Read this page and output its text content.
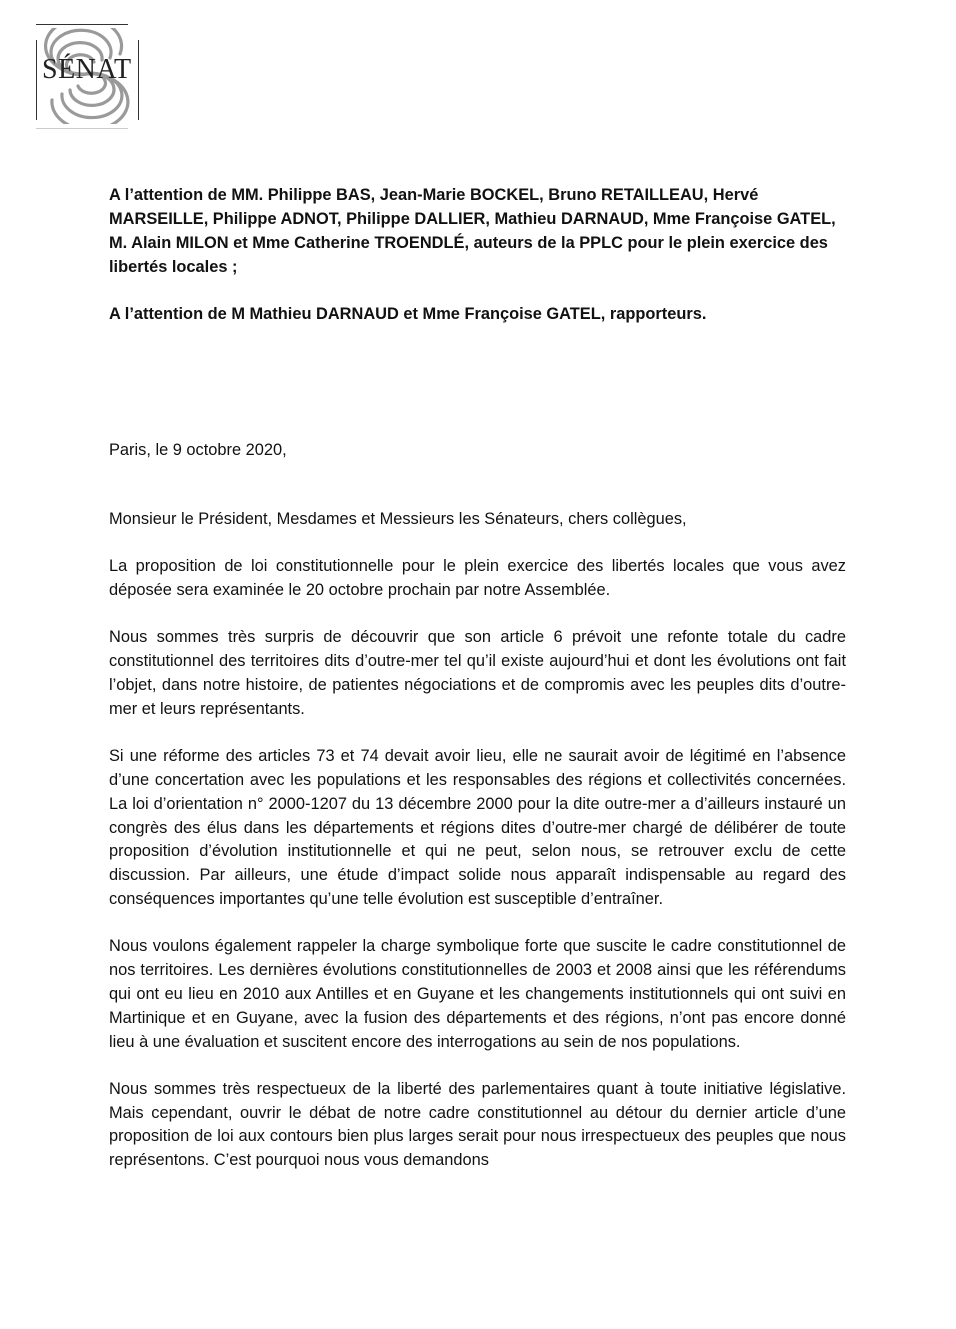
SÉNAT

A l’attention de MM. Philippe BAS, Jean-Marie BOCKEL, Bruno RETAILLEAU, Hervé MARSEILLE, Philippe ADNOT, Philippe DALLIER, Mathieu DARNAUD, Mme Françoise GATEL, M. Alain MILON et Mme Catherine TROENDLÉ, auteurs de la PPLC pour le plein exercice des libertés locales ;

A l’attention de M Mathieu DARNAUD et Mme Françoise GATEL, rapporteurs.

Paris, le 9 octobre 2020,

Monsieur le Président, Mesdames et Messieurs les Sénateurs, chers collègues,

La proposition de loi constitutionnelle pour le plein exercice des libertés locales que vous avez déposée sera examinée le 20 octobre prochain par notre Assemblée.

Nous sommes très surpris de découvrir que son article 6 prévoit une refonte totale du cadre constitutionnel des territoires dits d’outre-mer tel qu’il existe aujourd’hui et dont les évolutions ont fait l’objet, dans notre histoire, de patientes négociations et de compromis avec les peuples dits d’outre-mer et leurs représentants.

Si une réforme des articles 73 et 74 devait avoir lieu, elle ne saurait avoir de légitimé en l’absence d’une concertation avec les populations et les responsables des régions et collectivités concernées. La loi d’orientation n° 2000-1207 du 13 décembre 2000 pour la dite outre-mer a d’ailleurs instauré un congrès des élus dans les départements et régions dites d’outre-mer chargé de délibérer de toute proposition d’évolution institutionnelle et qui ne peut, selon nous, se retrouver exclu de cette discussion. Par ailleurs, une étude d’impact solide nous apparaît indispensable au regard des conséquences importantes qu’une telle évolution est susceptible d’entraîner.

Nous voulons également rappeler la charge symbolique forte que suscite le cadre constitutionnel de nos territoires. Les dernières évolutions constitutionnelles de 2003 et 2008 ainsi que les référendums qui ont eu lieu en 2010 aux Antilles et en Guyane et les changements institutionnels qui ont suivi en Martinique et en Guyane, avec la fusion des départements et des régions, n’ont pas encore donné lieu à une évaluation et suscitent encore des interrogations au sein de nos populations.

Nous sommes très respectueux de la liberté des parlementaires quant à toute initiative législative. Mais cependant, ouvrir le débat de notre cadre constitutionnel au détour du dernier article d’une proposition de loi aux contours bien plus larges serait pour nous irrespectueux des peuples que nous représentons. C’est pourquoi nous vous demandons
